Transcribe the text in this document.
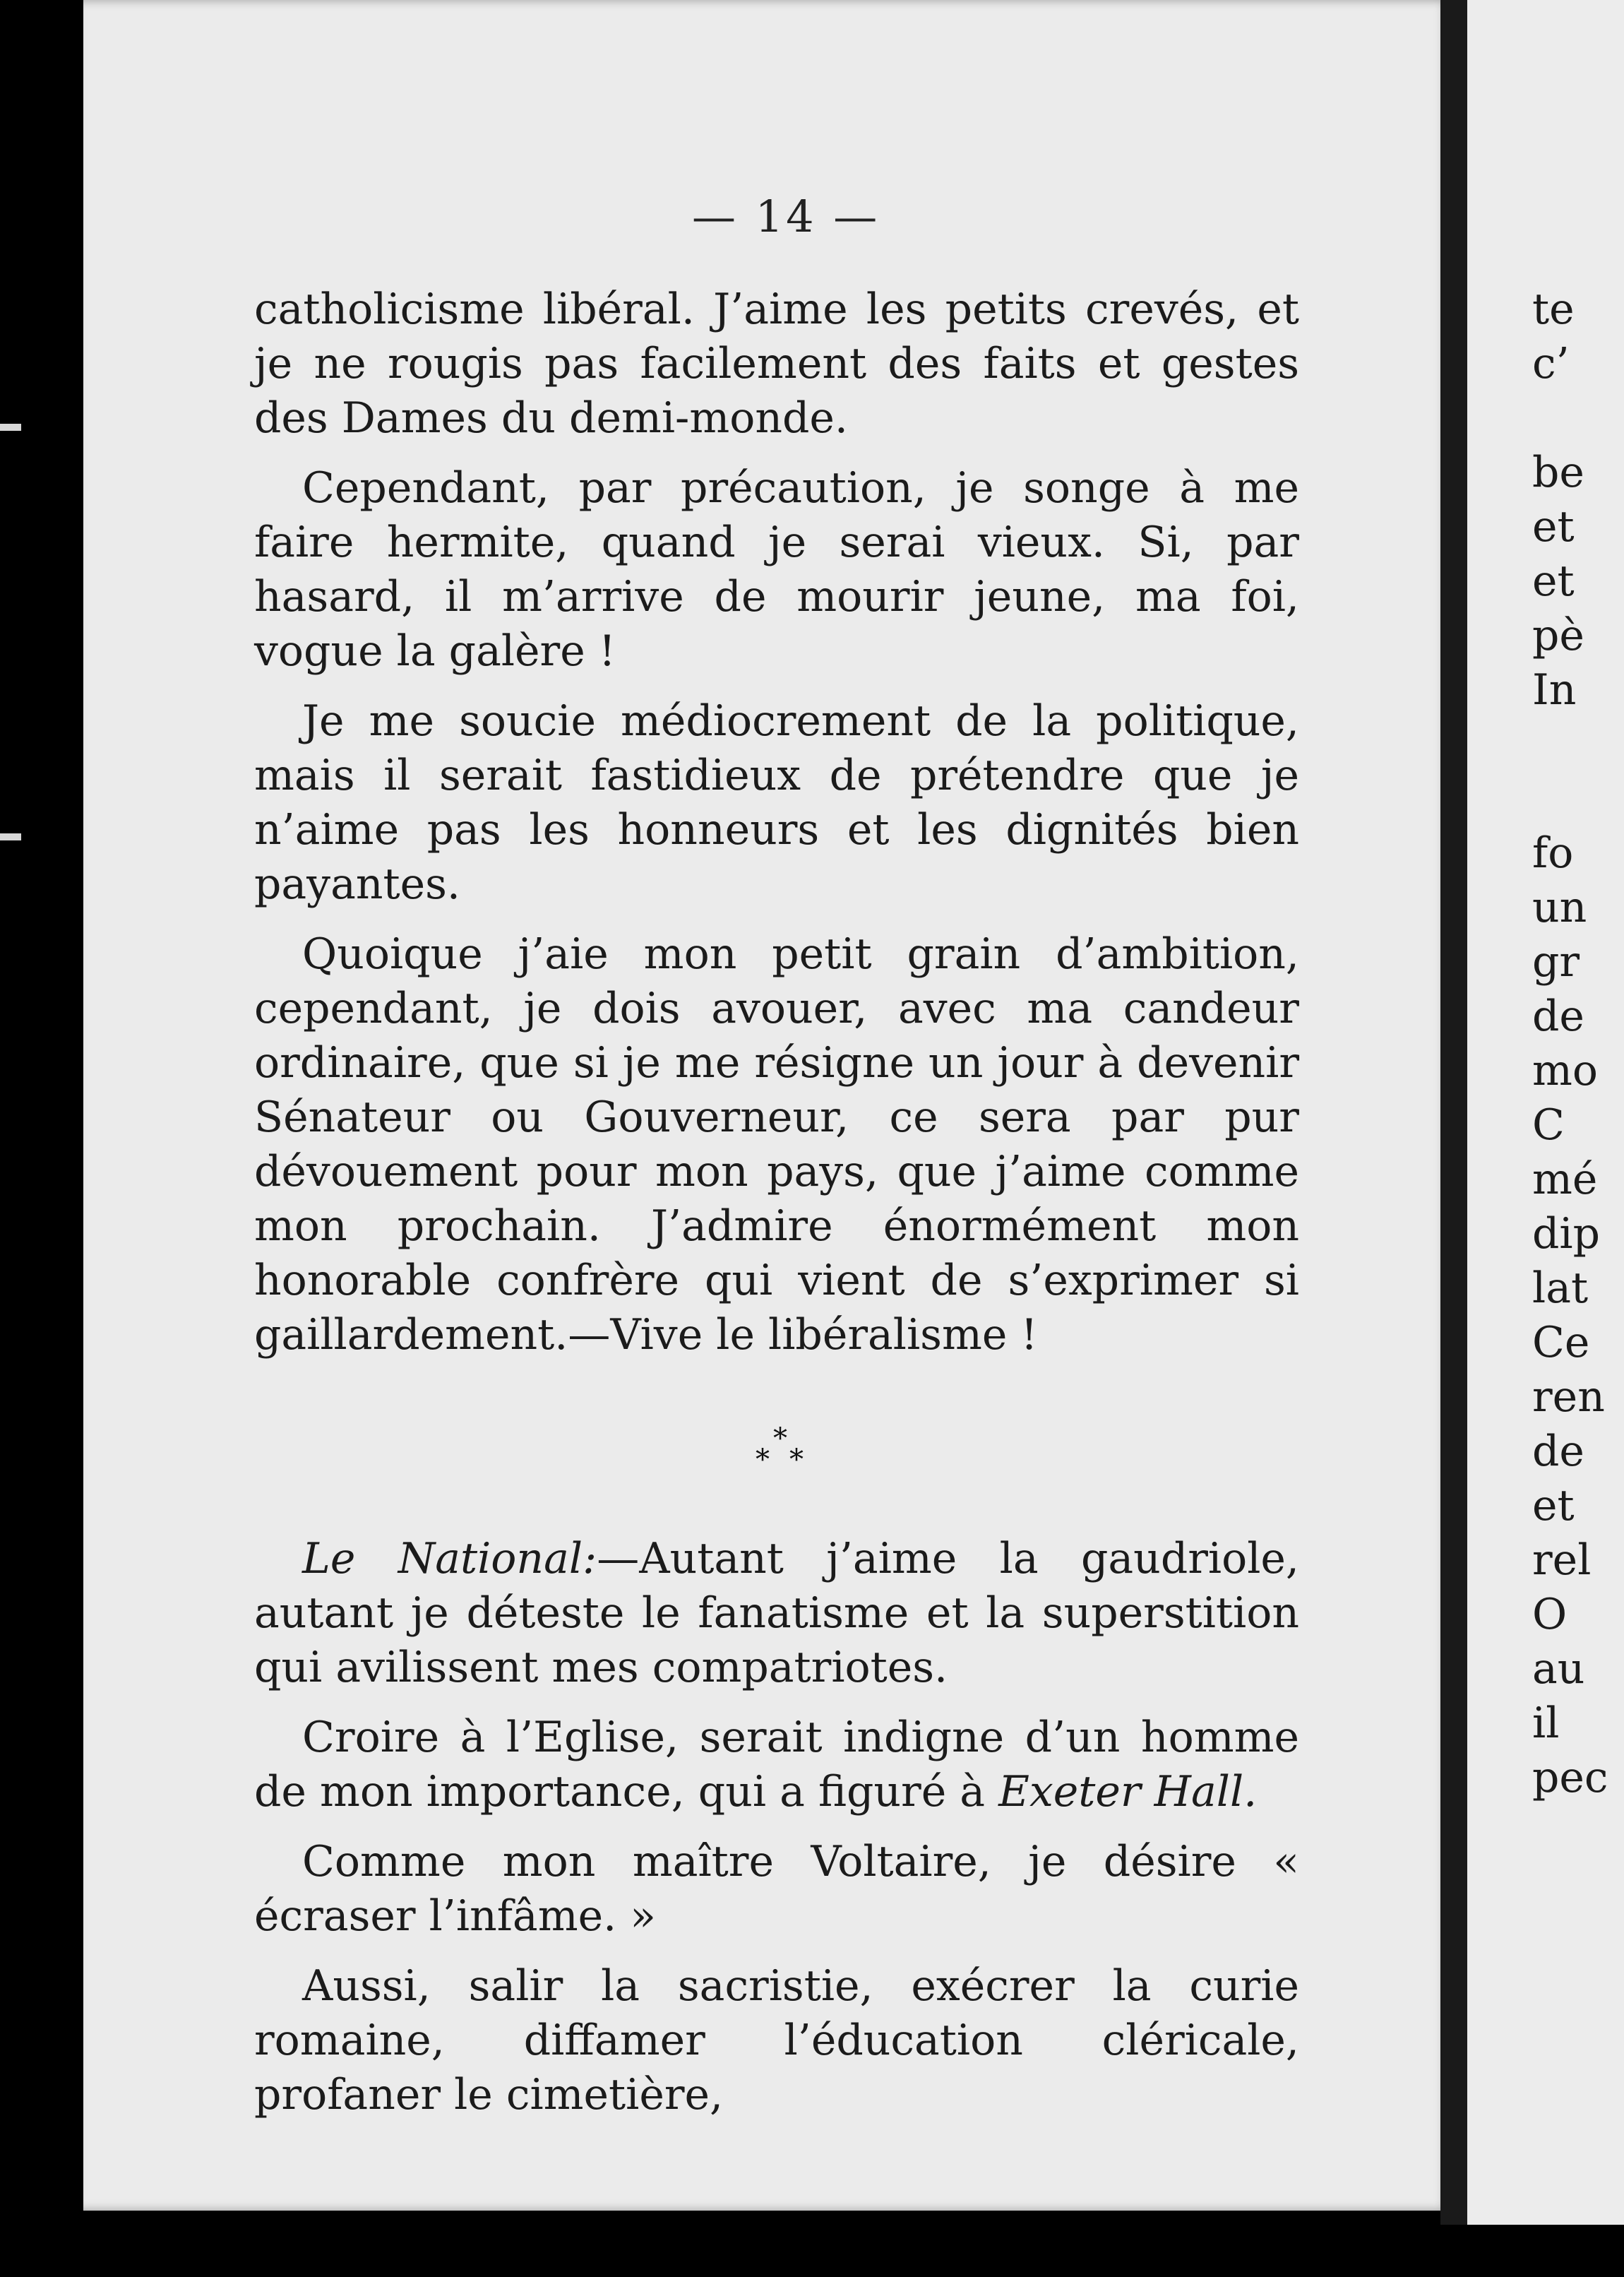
— 14 —

catholicisme libéral. J’aime les petits crevés, et je ne rougis pas facilement des faits et gestes des Dames du demi-monde.

Cependant, par précaution, je songe à me faire hermite, quand je serai vieux. Si, par hasard, il m’arrive de mourir jeune, ma foi, vogue la galère !

Je me soucie médiocrement de la politique, mais il serait fastidieux de prétendre que je n’aime pas les honneurs et les dignités bien payantes.

Quoique j’aie mon petit grain d’ambition, cependant, je dois avouer, avec ma candeur ordinaire, que si je me résigne un jour à devenir Sénateur ou Gouverneur, ce sera par pur dévouement pour mon pays, que j’aime comme mon prochain. J’admire énormément mon honorable confrère qui vient de s’exprimer si gaillardement.—Vive le libéralisme !

*
* *

Le National:—Autant j’aime la gaudriole, autant je déteste le fanatisme et la superstition qui avilissent mes compatriotes.

Croire à l’Eglise, serait indigne d’un homme de mon importance, qui a figuré à Exeter Hall.

Comme mon maître Voltaire, je désire « écraser l’infâme. »

Aussi, salir la sacristie, exécrer la curie romaine, diffamer l’éducation cléricale, profaner le cimetière,

te
c’
be
et
et
pè
In
fo
un
gr
de
mo
C
mé
dip
lat
Ce
ren
de
et
rel
O
au
il
pec
